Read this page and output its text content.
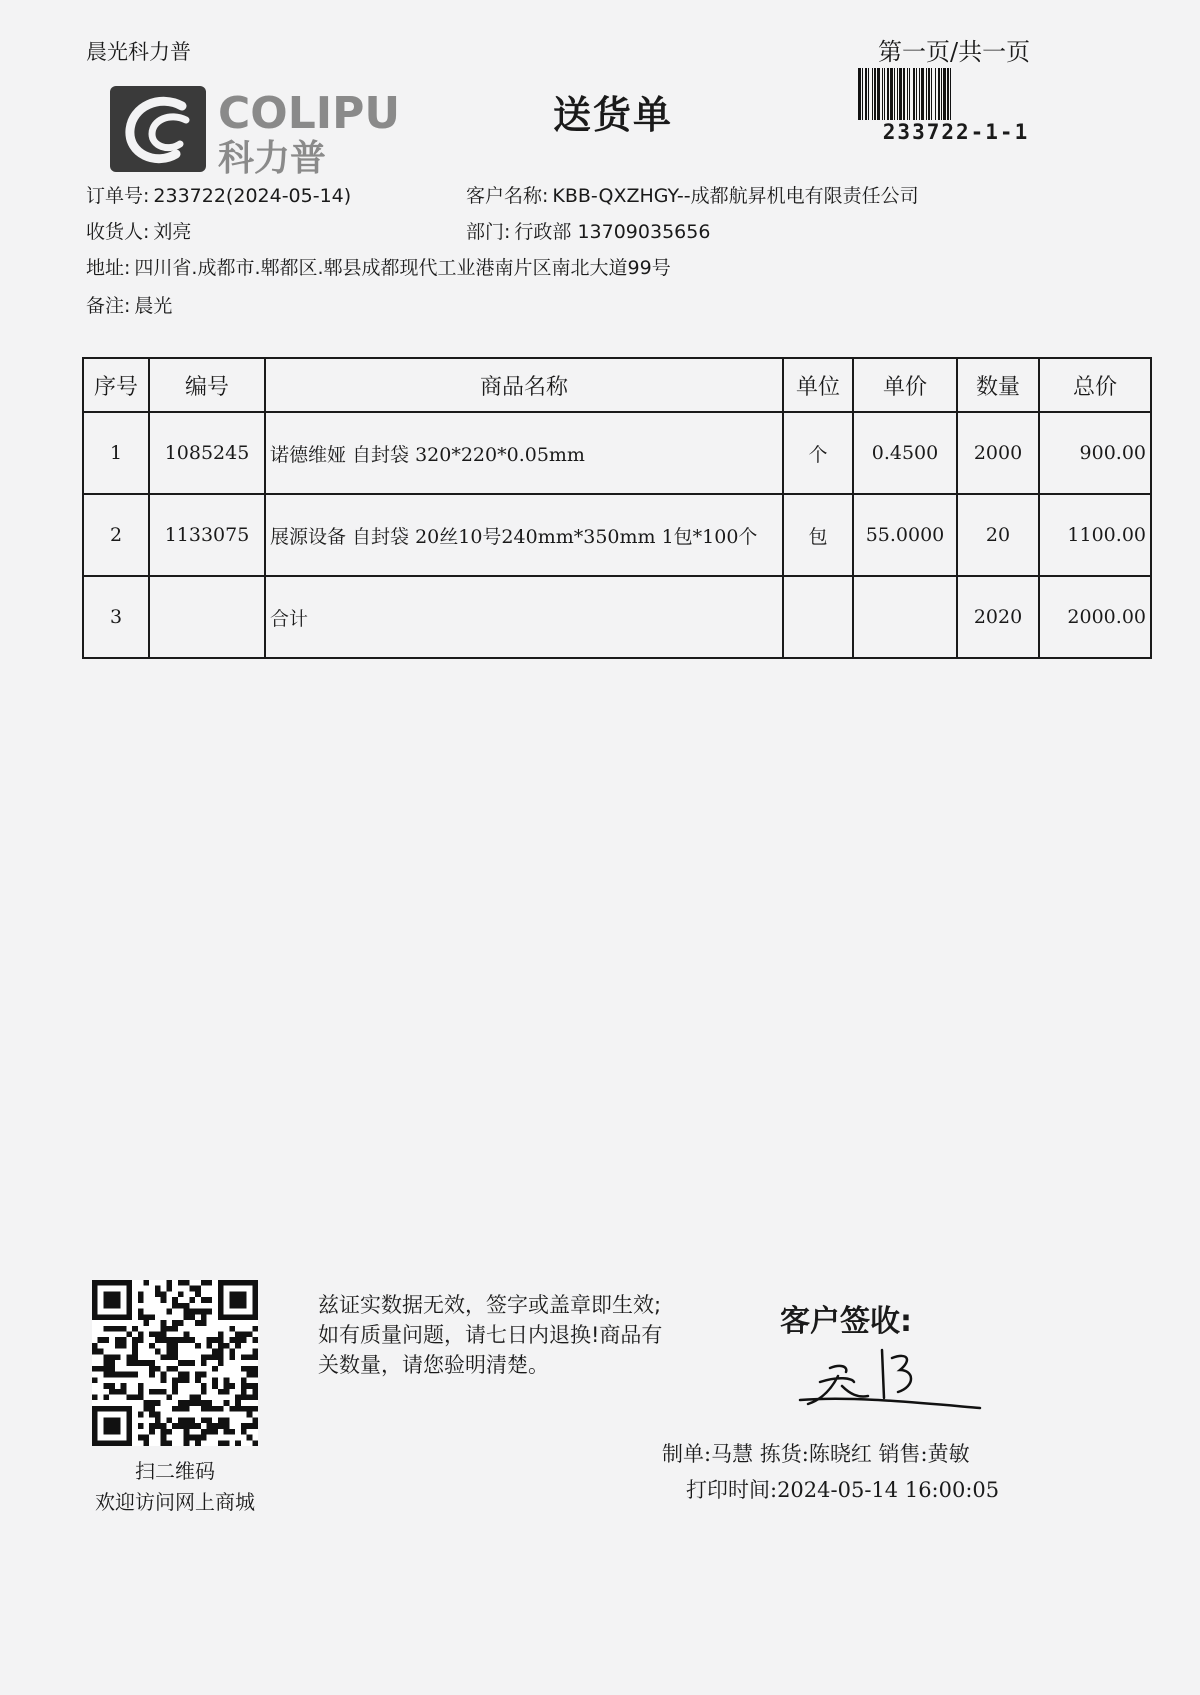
晨光科力普
COLIPU
科力普
送货单
第一页/共一页
233722-1-1
订单号: 233722(2024-05-14)	客户名称: KBB-QXZHGY--成都航昇机电有限责任公司
收货人: 刘亮	部门: 行政部 13709035656
地址: 四川省.成都市.郫都区.郫县成都现代工业港南片区南北大道99号
备注: 晨光
序号	编号	商品名称	单位	单价	数量	总价
1	1085245	诺德维娅 自封袋 320*220*0.05mm	个	0.4500	2000	900.00
2	1133075	展源设备 自封袋 20丝10号240mm*350mm 1包*100个	包	55.0000	20	1100.00
3		合计			2020	2000.00
扫二维码
欢迎访问网上商城
兹证实数据无效，签字或盖章即生效;
如有质量问题，请七日内退换!商品有
关数量，请您验明清楚。
客户签收:
制单:马慧 拣货:陈晓红 销售:黄敏
打印时间:2024-05-14 16:00:05
